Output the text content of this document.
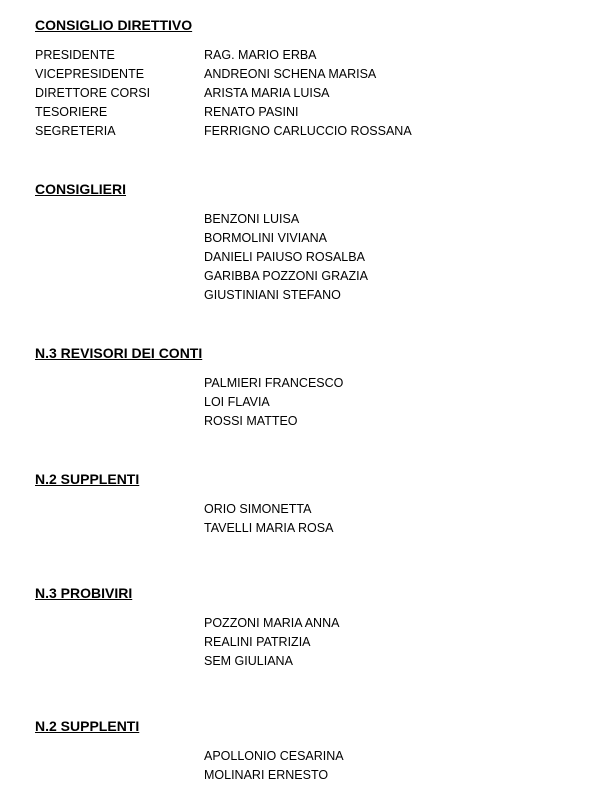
CONSIGLIO DIRETTIVO
PRESIDENTE	RAG. MARIO ERBA
VICEPRESIDENTE	ANDREONI SCHENA MARISA
DIRETTORE CORSI	ARISTA MARIA LUISA
TESORIERE	RENATO PASINI
SEGRETERIA	FERRIGNO CARLUCCIO ROSSANA
CONSIGLIERI
BENZONI LUISA
BORMOLINI VIVIANA
DANIELI PAIUSO ROSALBA
GARIBBA POZZONI GRAZIA
GIUSTINIANI STEFANO
N.3 REVISORI DEI CONTI
PALMIERI FRANCESCO
LOI FLAVIA
ROSSI MATTEO
N.2 SUPPLENTI
ORIO SIMONETTA
TAVELLI MARIA ROSA
N.3 PROBIVIRI
POZZONI MARIA ANNA
REALINI PATRIZIA
SEM GIULIANA
N.2 SUPPLENTI
APOLLONIO CESARINA
MOLINARI ERNESTO
